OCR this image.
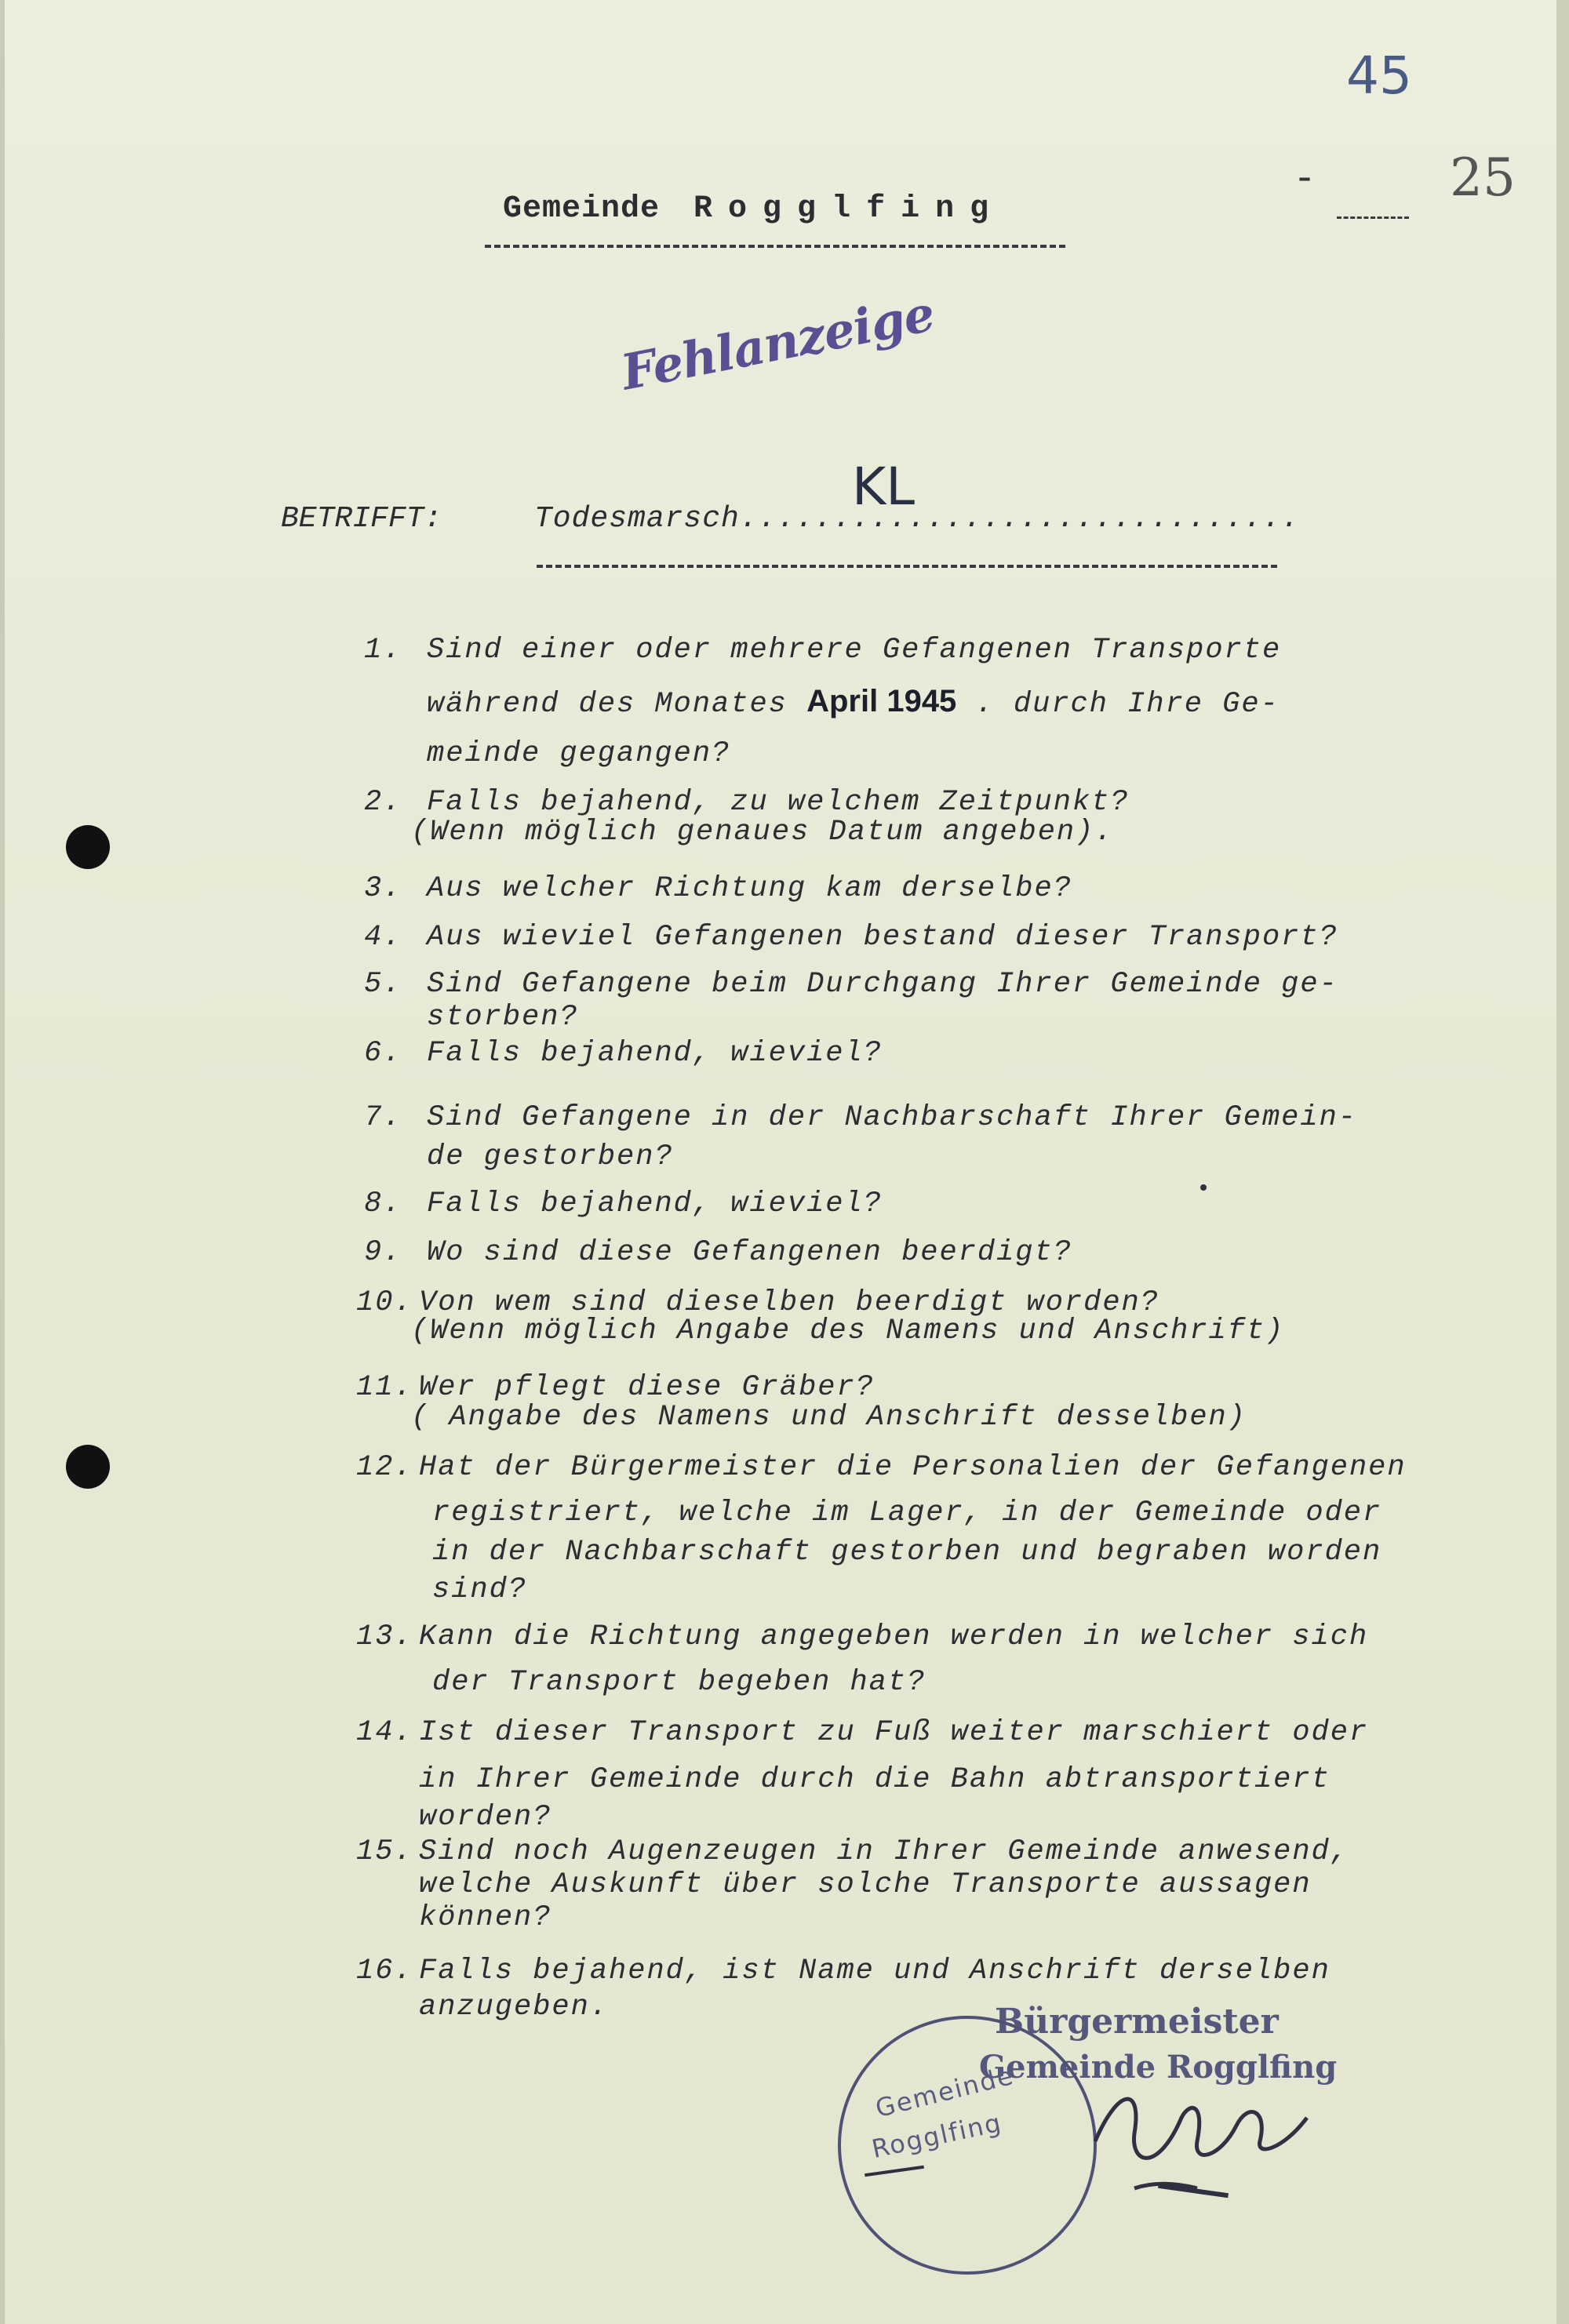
45
25
-
Gemeinde Rogglfing
Fehlanzeige
BETRIFFT:	Todesmarsch..............................
KL
1. Sind einer oder mehrere Gefangenen Transporte
während des Monates April 1945 . durch Ihre Ge-
meinde gegangen?
2. Falls bejahend, zu welchem Zeitpunkt?
(Wenn möglich genaues Datum angeben).
3. Aus welcher Richtung kam derselbe?
4. Aus wieviel Gefangenen bestand dieser Transport?
5. Sind Gefangene beim Durchgang Ihrer Gemeinde ge-
storben?
6. Falls bejahend, wieviel?
7. Sind Gefangene in der Nachbarschaft Ihrer Gemein-
de gestorben?
8. Falls bejahend, wieviel?
9. Wo sind diese Gefangenen beerdigt?
10. Von wem sind dieselben beerdigt worden?
(Wenn möglich Angabe des Namens und Anschrift)
11. Wer pflegt diese Gräber?
( Angabe des Namens und Anschrift desselben)
12. Hat der Bürgermeister die Personalien der Gefangenen
registriert, welche im Lager, in der Gemeinde oder
in der Nachbarschaft gestorben und begraben worden
sind?
13. Kann die Richtung angegeben werden in welcher sich
der Transport begeben hat?
14. Ist dieser Transport zu Fuß weiter marschiert oder
in Ihrer Gemeinde durch die Bahn abtransportiert
worden?
15. Sind noch Augenzeugen in Ihrer Gemeinde anwesend,
welche Auskunft über solche Transporte aussagen
können?
16. Falls bejahend, ist Name und Anschrift derselben
anzugeben.	Bürgermeister
Gemeinde Rogglfing
Gemeinde
Rogglfing
